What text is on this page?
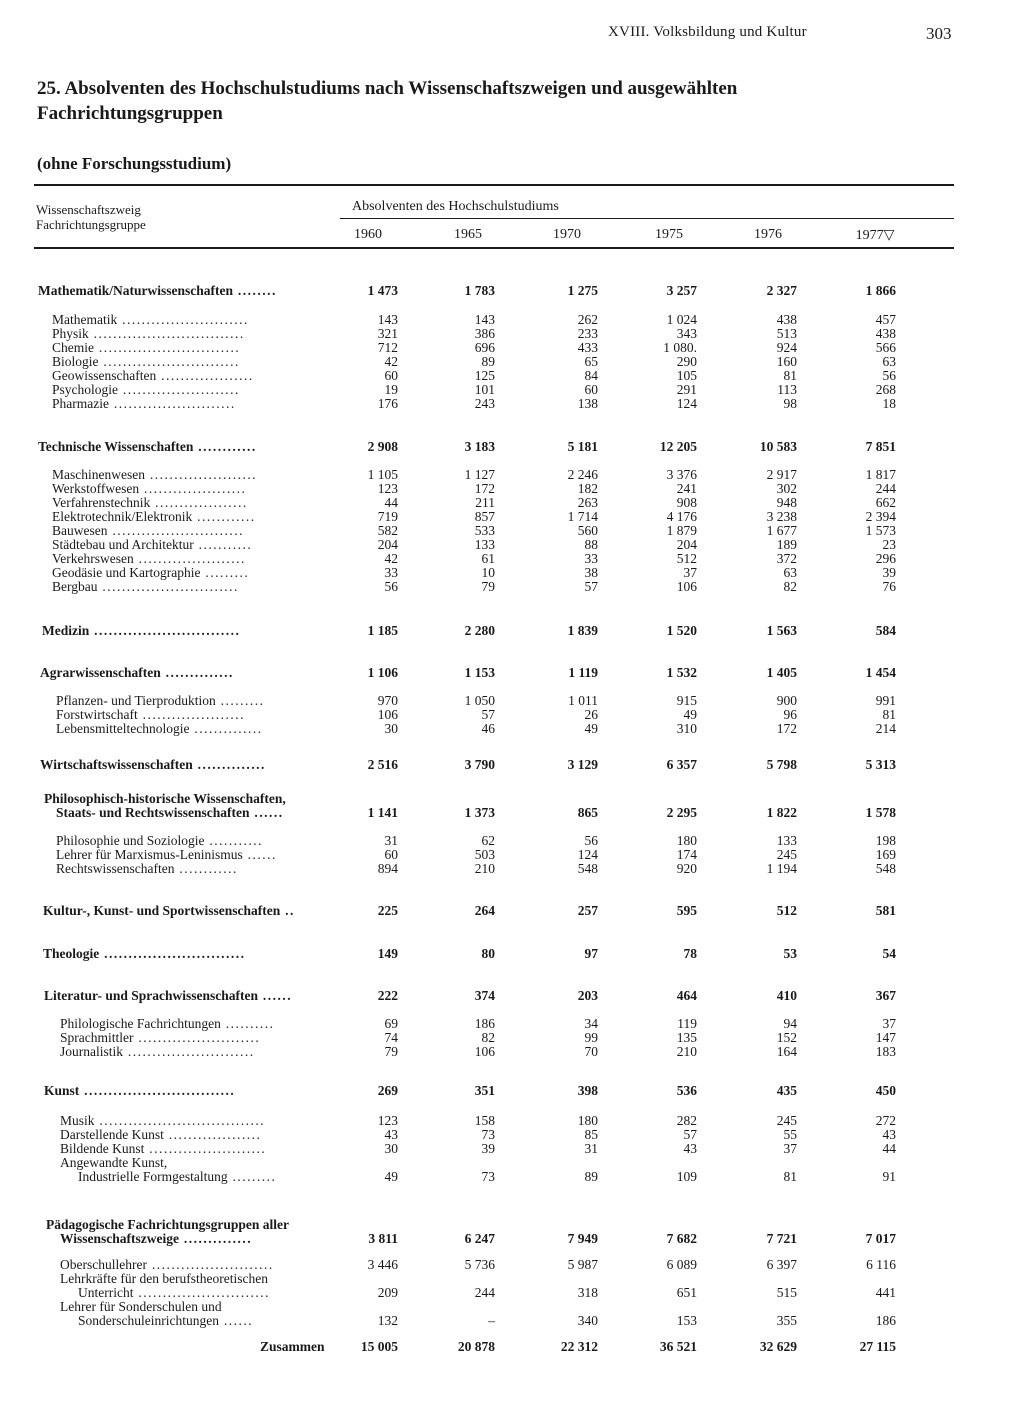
XVIII. Volksbildung und Kultur	303
25. Absolventen des Hochschulstudiums nach Wissenschaftszweigen und ausgewählten Fachrichtungsgruppen
(ohne Forschungsstudium)
Wissenschaftszweig
Fachrichtungsgruppe
Absolventen des Hochschulstudiums
1960	1965	1970	1975	1976	1977▽
Mathematik/Naturwissenschaften ........	1 473	1 783	1 275	3 257	2 327	1 866
Mathematik ..........................	143	143	262	1 024	438	457
Physik ...............................	321	386	233	343	513	438
Chemie .............................	712	696	433	1 080.	924	566
Biologie ............................	42	89	65	290	160	63
Geowissenschaften ...................	60	125	84	105	81	56
Psychologie ........................	19	101	60	291	113	268
Pharmazie .........................	176	243	138	124	98	18
Technische Wissenschaften ............	2 908	3 183	5 181	12 205	10 583	7 851
Maschinenwesen ......................	1 105	1 127	2 246	3 376	2 917	1 817
Werkstoffwesen .....................	123	172	182	241	302	244
Verfahrenstechnik ...................	44	211	263	908	948	662
Elektrotechnik/Elektronik ............	719	857	1 714	4 176	3 238	2 394
Bauwesen ...........................	582	533	560	1 879	1 677	1 573
Städtebau und Architektur ...........	204	133	88	204	189	23
Verkehrswesen ......................	42	61	33	512	372	296
Geodäsie und Kartographie .........	33	10	38	37	63	39
Bergbau ............................	56	79	57	106	82	76
Medizin ..............................	1 185	2 280	1 839	1 520	1 563	584
Agrarwissenschaften ..............	1 106	1 153	1 119	1 532	1 405	1 454
Pflanzen- und Tierproduktion .........	970	1 050	1 011	915	900	991
Forstwirtschaft .....................	106	57	26	49	96	81
Lebensmitteltechnologie ..............	30	46	49	310	172	214
Wirtschaftswissenschaften ..............	2 516	3 790	3 129	6 357	5 798	5 313
Philosophisch-historische Wissenschaften,
Staats- und Rechtswissenschaften ......	1 141	1 373	865	2 295	1 822	1 578
Philosophie und Soziologie ...........	31	62	56	180	133	198
Lehrer für Marxismus-Leninismus ......	60	503	124	174	245	169
Rechtswissenschaften ............	894	210	548	920	1 194	548
Kultur-, Kunst- und Sportwissenschaften ..	225	264	257	595	512	581
Theologie .............................	149	80	97	78	53	54
Literatur- und Sprachwissenschaften ......	222	374	203	464	410	367
Philologische Fachrichtungen ..........	69	186	34	119	94	37
Sprachmittler .........................	74	82	99	135	152	147
Journalistik ..........................	79	106	70	210	164	183
Kunst ...............................	269	351	398	536	435	450
Musik ..................................	123	158	180	282	245	272
Darstellende Kunst ...................	43	73	85	57	55	43
Bildende Kunst ........................	30	39	31	43	37	44
Angewandte Kunst,
Industrielle Formgestaltung .........	49	73	89	109	81	91
Pädagogische Fachrichtungsgruppen aller
Wissenschaftszweige ..............	3 811	6 247	7 949	7 682	7 721	7 017
Oberschullehrer .........................	3 446	5 736	5 987	6 089	6 397	6 116
Lehrkräfte für den berufstheoretischen
Unterricht ...........................	209	244	318	651	515	441
Lehrer für Sonderschulen und
Sonderschuleinrichtungen ......	132	–	340	153	355	186
Zusammen	15 005	20 878	22 312	36 521	32 629	27 115
